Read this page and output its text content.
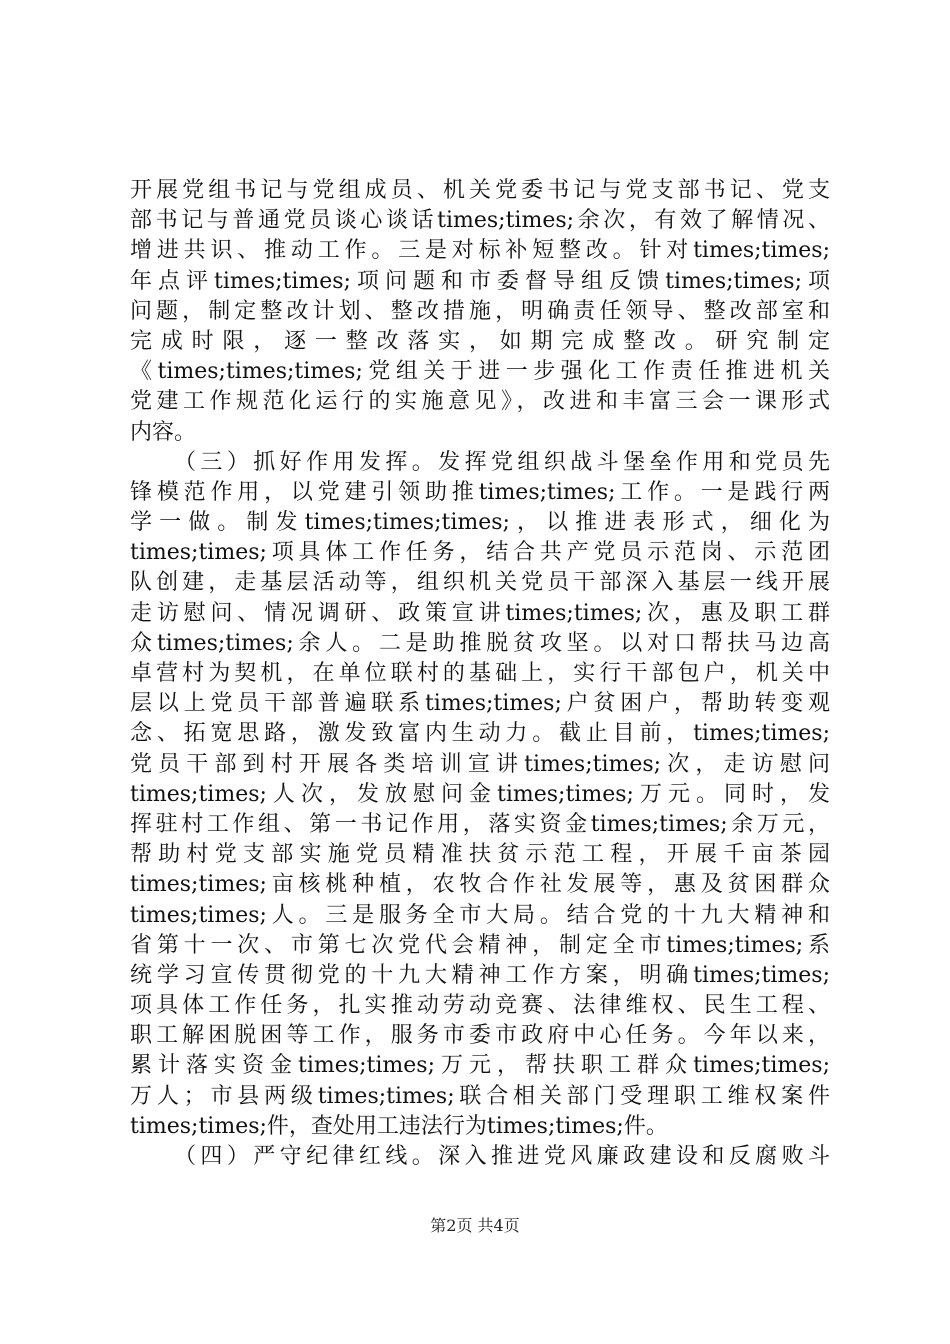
开展党组书记与党组成员、机关党委书记与党支部书记、党支
部书记与普通党员谈心谈话times;times;余次，有效了解情况、
增进共识、推动工作。三是对标补短整改。针对times;times;
年点评times;times;项问题和市委督导组反馈times;times;项
问题，制定整改计划、整改措施，明确责任领导、整改部室和
完成时限，逐一整改落实，如期完成整改。研究制定
《times;times;times;党组关于进一步强化工作责任推进机关
党建工作规范化运行的实施意见》，改进和丰富三会一课形式
内容。
（三）抓好作用发挥。发挥党组织战斗堡垒作用和党员先
锋模范作用，以党建引领助推times;times;工作。一是践行两
学一做。制发times;times;times;，以推进表形式，细化为
times;times;项具体工作任务，结合共产党员示范岗、示范团
队创建，走基层活动等，组织机关党员干部深入基层一线开展
走访慰问、情况调研、政策宣讲times;times;次，惠及职工群
众times;times;余人。二是助推脱贫攻坚。以对口帮扶马边高
卓营村为契机，在单位联村的基础上，实行干部包户，机关中
层以上党员干部普遍联系times;times;户贫困户，帮助转变观
念、拓宽思路，激发致富内生动力。截止目前，times;times;
党员干部到村开展各类培训宣讲times;times;次，走访慰问
times;times;人次，发放慰问金times;times;万元。同时，发
挥驻村工作组、第一书记作用，落实资金times;times;余万元，
帮助村党支部实施党员精准扶贫示范工程，开展千亩茶园
times;times;亩核桃种植，农牧合作社发展等，惠及贫困群众
times;times;人。三是服务全市大局。结合党的十九大精神和
省第十一次、市第七次党代会精神，制定全市times;times;系
统学习宣传贯彻党的十九大精神工作方案，明确times;times;
项具体工作任务，扎实推动劳动竞赛、法律维权、民生工程、
职工解困脱困等工作，服务市委市政府中心任务。今年以来，
累计落实资金times;times;万元，帮扶职工群众times;times;
万人；市县两级times;times;联合相关部门受理职工维权案件
times;times;件，查处用工违法行为times;times;件。
（四）严守纪律红线。深入推进党风廉政建设和反腐败斗
第2页 共4页
